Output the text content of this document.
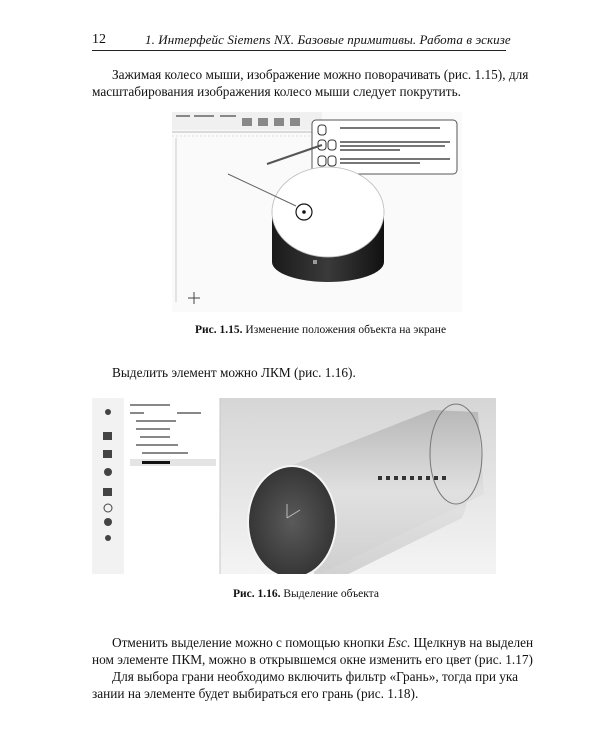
12	1. Интерфейс Siemens NX. Базовые примитивы. Работа в эскизе
Зажимая колесо мыши, изображение можно поворачивать (рис. 1.15), для
масштабирования изображения колесо мыши следует покрутить.
Рис. 1.15. Изменение положения объекта на экране
Выделить элемент можно ЛКМ (рис. 1.16).
Рис. 1.16. Выделение объекта
Отменить выделение можно с помощью кнопки Esc. Щелкнув на выделен
ном элементе ПКМ, можно в открывшемся окне изменить его цвет (рис. 1.17)
Для выбора грани необходимо включить фильтр «Грань», тогда при ука
зании на элементе будет выбираться его грань (рис. 1.18).
